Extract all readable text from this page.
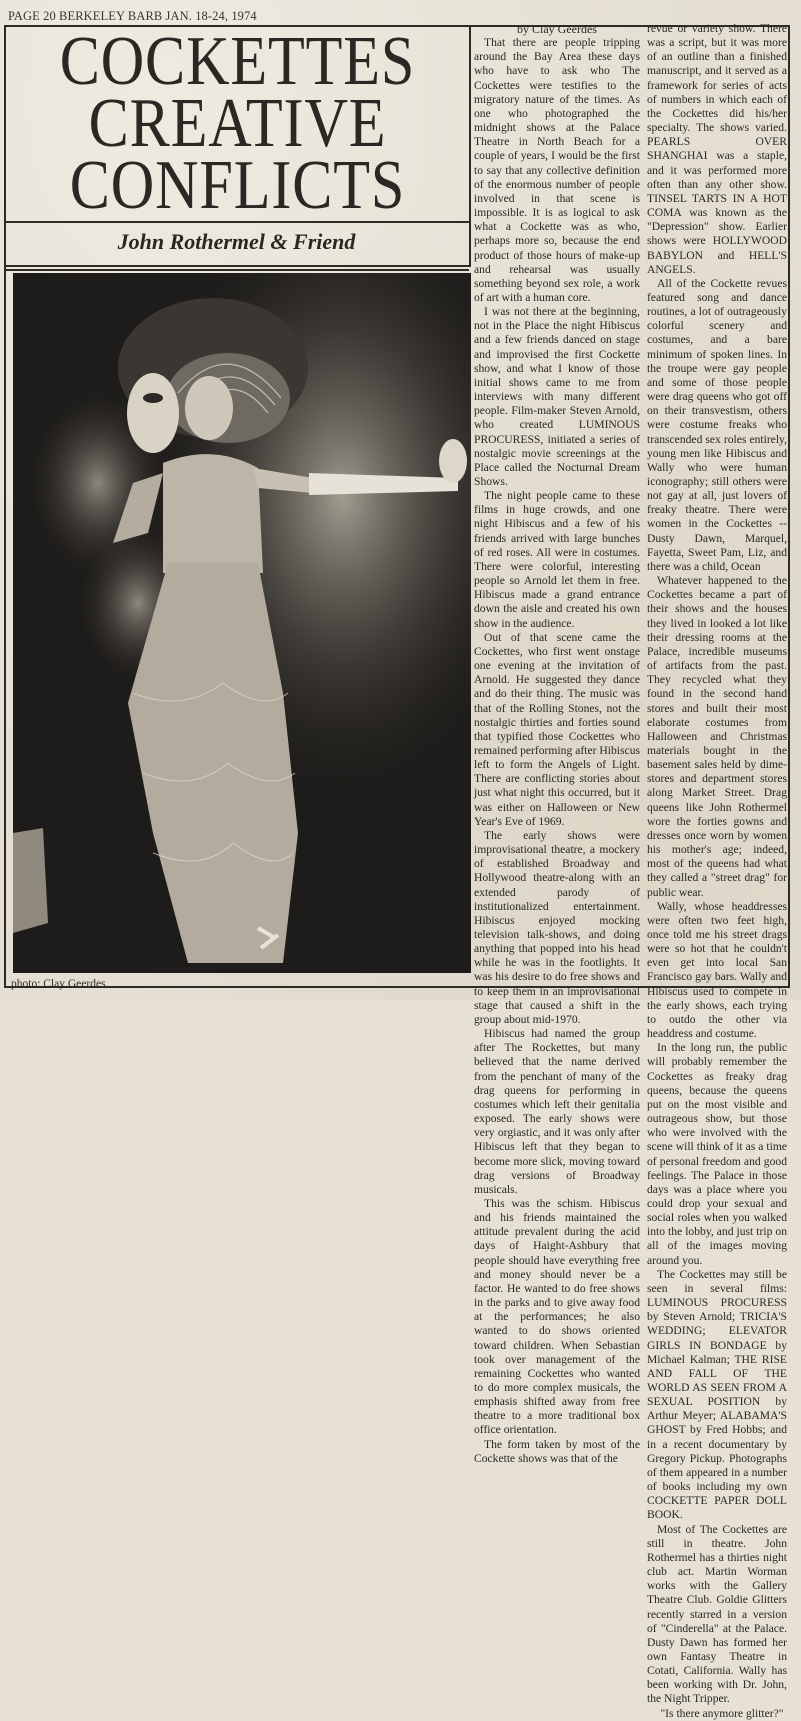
PAGE 20 BERKELEY BARB JAN. 18-24, 1974
COCKETTES
CREATIVE
CONFLICTS
John Rothermel & Friend
photo: Clay Geerdes

by Clay Geerdes

That there are people tripping around the Bay Area these days who have to ask who The Cockettes were testifies to the migratory nature of the times. As one who photographed the midnight shows at the Palace Theatre in North Beach for a couple of years, I would be the first to say that any collective definition of the enormous number of people involved in that scene is impossible. It is as logical to ask what a Cockette was as who, perhaps more so, because the end product of those hours of make-up and rehearsal was usually something beyond sex role, a work of art with a human core.

I was not there at the beginning, not in the Place the night Hibiscus and a few friends danced on stage and improvised the first Cockette show, and what I know of those initial shows came to me from interviews with many different people. Film-maker Steven Arnold, who created LUMINOUS PROCURESS, initiated a series of nostalgic movie screenings at the Place called the Nocturnal Dream Shows.

The night people came to these films in huge crowds, and one night Hibiscus and a few of his friends arrived with large bunches of red roses. All were in costumes. There were colorful, interesting people so Arnold let them in free. Hibiscus made a grand entrance down the aisle and created his own show in the audience.

Out of that scene came the Cockettes, who first went onstage one evening at the invitation of Arnold. He suggested they dance and do their thing. The music was that of the Rolling Stones, not the nostalgic thirties and forties sound that typified those Cockettes who remained performing after Hibiscus left to form the Angels of Light. There are conflicting stories about just what night this occurred, but it was either on Halloween or New Year's Eve of 1969.

The early shows were improvisational theatre, a mockery of established Broadway and Hollywood theatre-along with an extended parody of institutionalized entertainment. Hibiscus enjoyed mocking television talk-shows, and doing anything that popped into his head while he was in the footlights. It was his desire to do free shows and to keep them in an improvisational stage that caused a shift in the group about mid-1970.

Hibiscus had named the group after The Rockettes, but many believed that the name derived from the penchant of many of the drag queens for performing in costumes which left their genitalia exposed. The early shows were very orgiastic, and it was only after Hibiscus left that they began to become more slick, moving toward drag versions of Broadway musicals.

This was the schism. Hibiscus and his friends maintained the attitude prevalent during the acid days of Haight-Ashbury that people should have everything free and money should never be a factor. He wanted to do free shows in the parks and to give away food at the performances; he also wanted to do shows oriented toward children. When Sebastian took over management of the remaining Cockettes who wanted to do more complex musicals, the emphasis shifted away from free theatre to a more traditional box office orientation.

The form taken by most of the Cockette shows was that of the

revue or variety show. There was a script, but it was more of an outline than a finished manuscript, and it served as a framework for series of acts of numbers in which each of the Cockettes did his/her specialty. The shows varied. PEARLS OVER SHANGHAI was a staple, and it was performed more often than any other show. TINSEL TARTS IN A HOT COMA was known as the "Depression" show. Earlier shows were HOLLYWOOD BABYLON and HELL'S ANGELS.

All of the Cockette revues featured song and dance routines, a lot of outrageously colorful scenery and costumes, and a bare minimum of spoken lines. In the troupe were gay people and some of those people were drag queens who got off on their transvestism, others were costume freaks who transcended sex roles entirely, young men like Hibiscus and Wally who were human iconography; still others were not gay at all, just lovers of freaky theatre. There were women in the Cockettes -- Dusty Dawn, Marquel, Fayetta, Sweet Pam, Liz, and there was a child, Ocean

Whatever happened to the Cockettes became a part of their shows and the houses they lived in looked a lot like their dressing rooms at the Palace, incredible museums of artifacts from the past. They recycled what they found in the second hand stores and built their most elaborate costumes from Halloween and Christmas materials bought in the basement sales held by dime-stores and department stores along Market Street. Drag queens like John Rothermel wore the forties gowns and dresses once worn by women his mother's age; indeed, most of the queens had what they called a "street drag" for public wear.

Wally, whose headdresses were often two feet high, once told me his street drags were so hot that he couldn't even get into local San Francisco gay bars. Wally and Hibiscus used to compete in the early shows, each trying to outdo the other via headdress and costume.

In the long run, the public will probably remember the Cockettes as freaky drag queens, because the queens put on the most visible and outrageous show, but those who were involved with the scene will think of it as a time of personal freedom and good feelings. The Palace in those days was a place where you could drop your sexual and social roles when you walked into the lobby, and just trip on all of the images moving around you.

The Cockettes may still be seen in several films: LUMINOUS PROCURESS by Steven Arnold; TRICIA'S WEDDING; ELEVATOR GIRLS IN BONDAGE by Michael Kalman; THE RISE AND FALL OF THE WORLD AS SEEN FROM A SEXUAL POSITION by Arthur Meyer; ALABAMA'S GHOST by Fred Hobbs; and in a recent documentary by Gregory Pickup. Photographs of them appeared in a number of books including my own COCKETTE PAPER DOLL BOOK.

Most of The Cockettes are still in theatre. John Rothermel has a thirties night club act. Martin Worman works with the Gallery Theatre Club. Goldie Glitters recently starred in a version of "Cinderella" at the Palace. Dusty Dawn has formed her own Fantasy Theatre in Cotati, California. Wally has been working with Dr. John, the Night Tripper.

"Is there anymore glitter?"
